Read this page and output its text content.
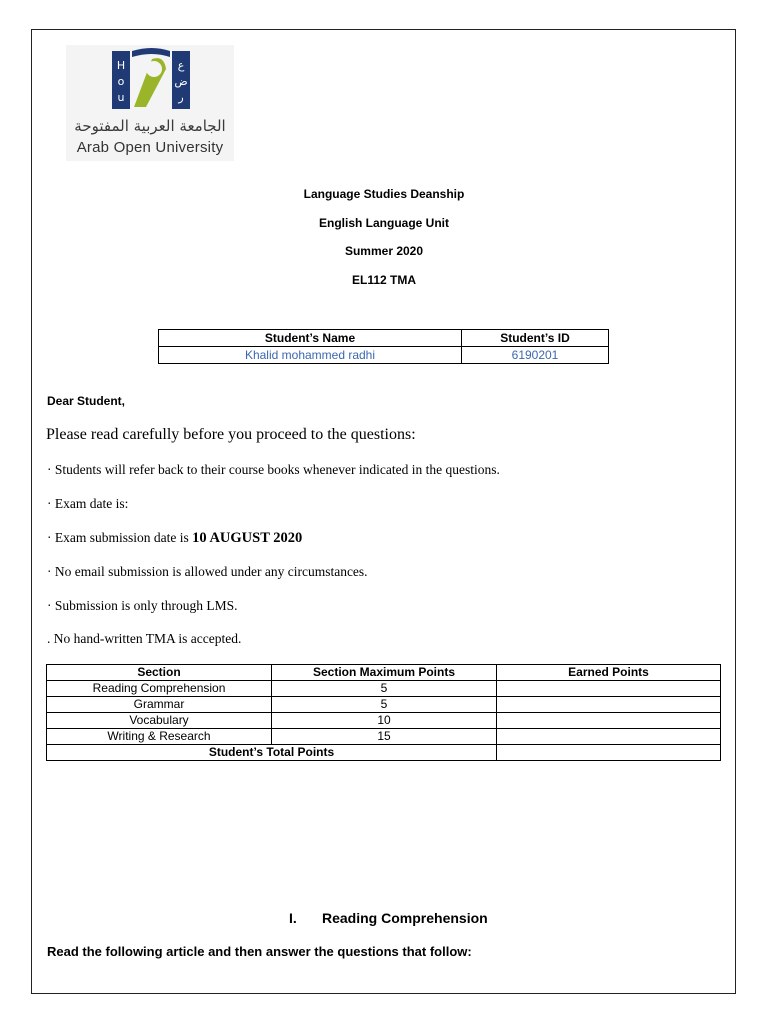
H
o
u
ع
ض
ر
الجامعة العربية المفتوحة
Arab Open University
Language Studies Deanship
English Language Unit
Summer 2020
EL112 TMA
Student’s Name	Student’s ID
Khalid mohammed radhi	6190201
Dear Student,
Please read carefully before you proceed to the questions:
· Students will refer back to their course books whenever indicated in the questions.
· Exam date is:
· Exam submission date is 10 AUGUST 2020
· No email submission is allowed under any circumstances.
· Submission is only through LMS.
. No hand-written TMA is accepted.
Section	Section Maximum Points	Earned Points
Reading Comprehension	5	
Grammar	5	
Vocabulary	10	
Writing & Research	15	
Student’s Total Points		
I. Reading Comprehension
Read the following article and then answer the questions that follow:
